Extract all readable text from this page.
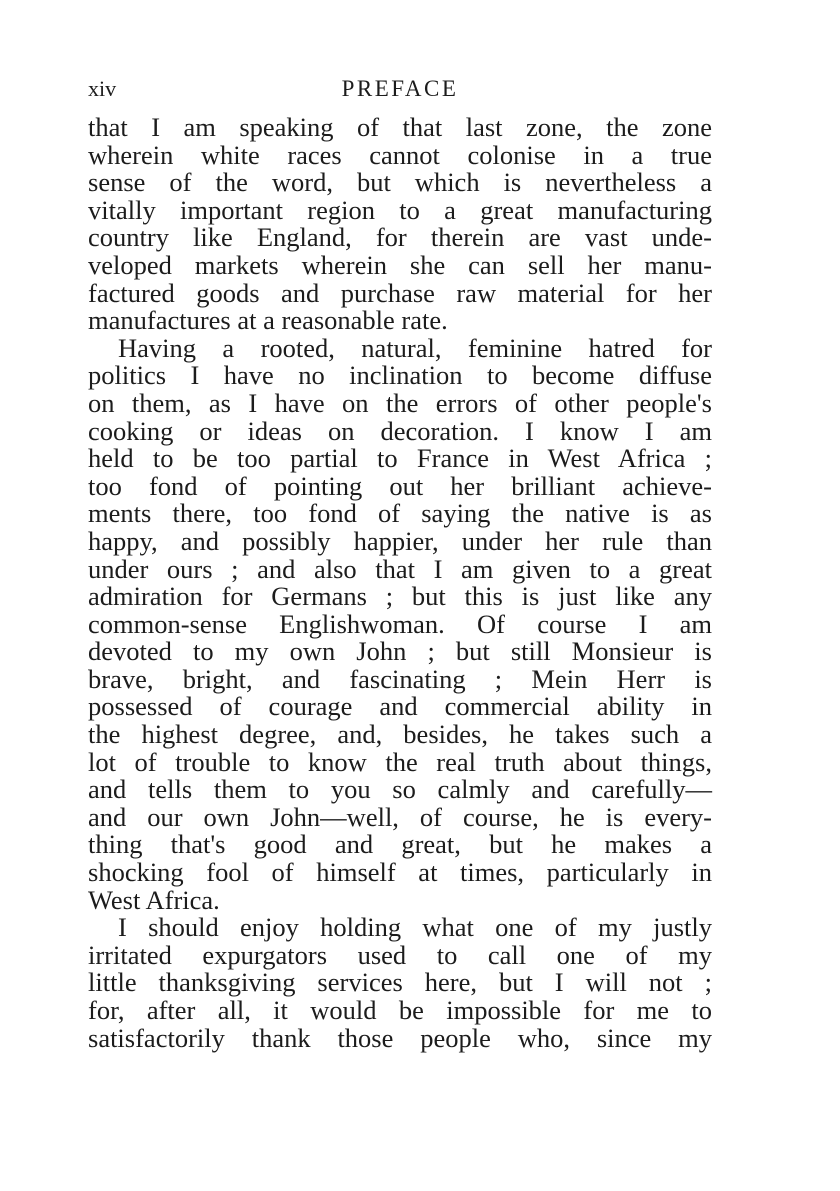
xiv	PREFACE
that I am speaking of that last zone, the zone
wherein white races cannot colonise in a true
sense of the word, but which is nevertheless a
vitally important region to a great manufacturing
country like England, for therein are vast unde-
veloped markets wherein she can sell her manu-
factured goods and purchase raw material for her
manufactures at a reasonable rate.
Having a rooted, natural, feminine hatred for
politics I have no inclination to become diffuse
on them, as I have on the errors of other people's
cooking or ideas on decoration. I know I am
held to be too partial to France in West Africa ;
too fond of pointing out her brilliant achieve-
ments there, too fond of saying the native is as
happy, and possibly happier, under her rule than
under ours ; and also that I am given to a great
admiration for Germans ; but this is just like any
common-sense Englishwoman. Of course I am
devoted to my own John ; but still Monsieur is
brave, bright, and fascinating ; Mein Herr is
possessed of courage and commercial ability in
the highest degree, and, besides, he takes such a
lot of trouble to know the real truth about things,
and tells them to you so calmly and carefully—
and our own John—well, of course, he is every-
thing that's good and great, but he makes a
shocking fool of himself at times, particularly in
West Africa.
I should enjoy holding what one of my justly
irritated expurgators used to call one of my
little thanksgiving services here, but I will not ;
for, after all, it would be impossible for me to
satisfactorily thank those people who, since my
